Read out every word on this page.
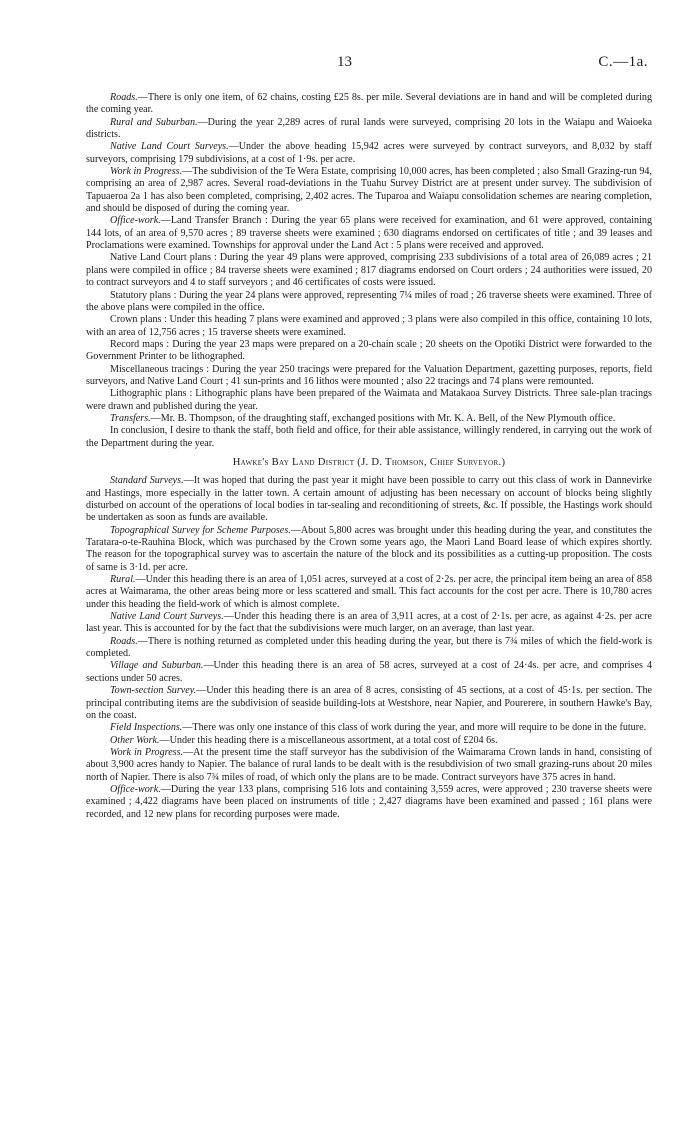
13	C.—1a.

Roads.—There is only one item, of 62 chains, costing £25 8s. per mile. Several deviations are in hand and will be completed during the coming year.

Rural and Suburban.—During the year 2,289 acres of rural lands were surveyed, comprising 20 lots in the Waiapu and Waioeka districts.

Native Land Court Surveys.—Under the above heading 15,942 acres were surveyed by contract surveyors, and 8,032 by staff surveyors, comprising 179 subdivisions, at a cost of 1·9s. per acre.

Work in Progress.—The subdivision of the Te Wera Estate, comprising 10,000 acres, has been completed ; also Small Grazing-run 94, comprising an area of 2,987 acres. Several road-deviations in the Tuahu Survey District are at present under survey. The subdivision of Tapuaeroa 2a 1 has also been completed, comprising, 2,402 acres. The Tuparoa and Waiapu consolidation schemes are nearing completion, and should be disposed of during the coming year.

Office-work.—Land Transfer Branch : During the year 65 plans were received for examination, and 61 were approved, containing 144 lots, of an area of 9,570 acres ; 89 traverse sheets were examined ; 630 diagrams endorsed on certificates of title ; and 39 leases and Proclamations were examined. Townships for approval under the Land Act : 5 plans were received and approved.

Native Land Court plans : During the year 49 plans were approved, comprising 233 subdivisions of a total area of 26,089 acres ; 21 plans were compiled in office ; 84 traverse sheets were examined ; 817 diagrams endorsed on Court orders ; 24 authorities were issued, 20 to contract surveyors and 4 to staff surveyors ; and 46 certificates of costs were issued.

Statutory plans : During the year 24 plans were approved, representing 7¼ miles of road ; 26 traverse sheets were examined. Three of the above plans were compiled in the office.

Crown plans : Under this heading 7 plans were examined and approved ; 3 plans were also compiled in this office, containing 10 lots, with an area of 12,756 acres ; 15 traverse sheets were examined.

Record maps : During the year 23 maps were prepared on a 20-chain scale ; 20 sheets on the Opotiki District were forwarded to the Government Printer to be lithographed.

Miscellaneous tracings : During the year 250 tracings were prepared for the Valuation Department, gazetting purposes, reports, field surveyors, and Native Land Court ; 41 sun-prints and 16 lithos were mounted ; also 22 tracings and 74 plans were remounted.

Lithographic plans : Lithographic plans have been prepared of the Waimata and Matakaoa Survey Districts. Three sale-plan tracings were drawn and published during the year.

Transfers.—Mr. B. Thompson, of the draughting staff, exchanged positions with Mr. K. A. Bell, of the New Plymouth office.

In conclusion, I desire to thank the staff, both field and office, for their able assistance, willingly rendered, in carrying out the work of the Department during the year.

Hawke's Bay Land District (J. D. Thomson, Chief Surveyor.)

Standard Surveys.—It was hoped that during the past year it might have been possible to carry out this class of work in Dannevirke and Hastings, more especially in the latter town. A certain amount of adjusting has been necessary on account of blocks being slightly disturbed on account of the operations of local bodies in tar-sealing and reconditioning of streets, &c. If possible, the Hastings work should be undertaken as soon as funds are available.

Topographical Survey for Scheme Purposes.—About 5,800 acres was brought under this heading during the year, and constitutes the Taratara-o-te-Rauhina Block, which was purchased by the Crown some years ago, the Maori Land Board lease of which expires shortly. The reason for the topographical survey was to ascertain the nature of the block and its possibilities as a cutting-up proposition. The costs of same is 3·1d. per acre.

Rural.—Under this heading there is an area of 1,051 acres, surveyed at a cost of 2·2s. per acre, the principal item being an area of 858 acres at Waimarama, the other areas being more or less scattered and small. This fact accounts for the cost per acre. There is 10,780 acres under this heading the field-work of which is almost complete.

Native Land Court Surveys.—Under this heading there is an area of 3,911 acres, at a cost of 2·1s. per acre, as against 4·2s. per acre last year. This is accounted for by the fact that the subdivisions were much larger, on an average, than last year.

Roads.—There is nothing returned as completed under this heading during the year, but there is 7¾ miles of which the field-work is completed.

Village and Suburban.—Under this heading there is an area of 58 acres, surveyed at a cost of 24·4s. per acre, and comprises 4 sections under 50 acres.

Town-section Survey.—Under this heading there is an area of 8 acres, consisting of 45 sections, at a cost of 45·1s. per section. The principal contributing items are the subdivision of seaside building-lots at Westshore, near Napier, and Pourerere, in southern Hawke's Bay, on the coast.

Field Inspections.—There was only one instance of this class of work during the year, and more will require to be done in the future.

Other Work.—Under this heading there is a miscellaneous assortment, at a total cost of £204 6s.

Work in Progress.—At the present time the staff surveyor has the subdivision of the Waimarama Crown lands in hand, consisting of about 3,900 acres handy to Napier. The balance of rural lands to be dealt with is the resubdivision of two small grazing-runs about 20 miles north of Napier. There is also 7¾ miles of road, of which only the plans are to be made. Contract surveyors have 375 acres in hand.

Office-work.—During the year 133 plans, comprising 516 lots and containing 3,559 acres, were approved ; 230 traverse sheets were examined ; 4,422 diagrams have been placed on instruments of title ; 2,427 diagrams have been examined and passed ; 161 plans were recorded, and 12 new plans for recording purposes were made.
